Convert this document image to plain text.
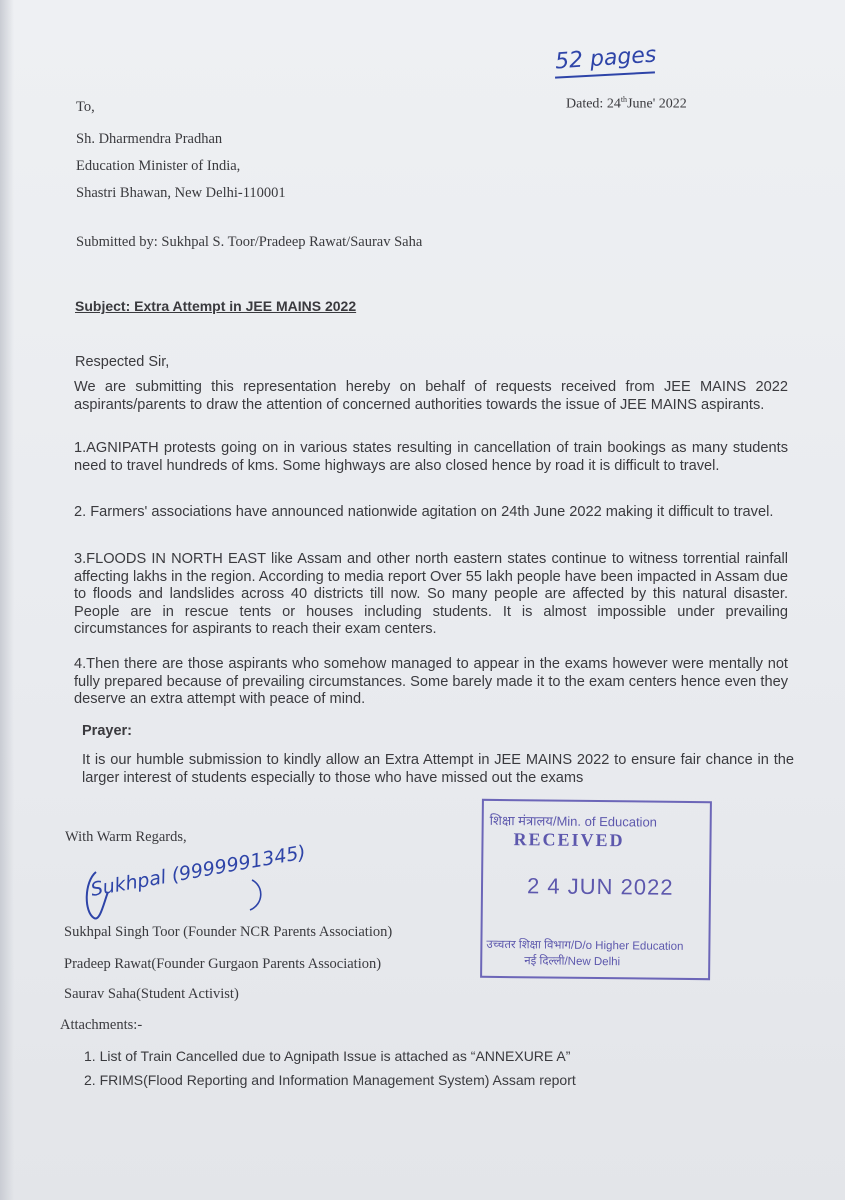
52 pages
Dated: 24thJune' 2022
To,
Sh. Dharmendra Pradhan
Education Minister of India,
Shastri Bhawan, New Delhi-110001
Submitted by: Sukhpal S. Toor/Pradeep Rawat/Saurav Saha
Subject: Extra Attempt in JEE MAINS 2022
Respected Sir,
We are submitting this representation hereby on behalf of requests received from JEE MAINS 2022 aspirants/parents to draw the attention of concerned authorities towards the issue of JEE MAINS aspirants.
1.AGNIPATH protests going on in various states resulting in cancellation of train bookings as many students need to travel hundreds of kms. Some highways are also closed hence by road it is difficult to travel.
2. Farmers' associations have announced nationwide agitation on 24th June 2022 making it difficult to travel.
3.FLOODS IN NORTH EAST like Assam and other north eastern states continue to witness torrential rainfall affecting lakhs in the region. According to media report Over 55 lakh people have been impacted in Assam due to floods and landslides across 40 districts till now. So many people are affected by this natural disaster. People are in rescue tents or houses including students. It is almost impossible under prevailing circumstances for aspirants to reach their exam centers.
4.Then there are those aspirants who somehow managed to appear in the exams however were mentally not fully prepared because of prevailing circumstances. Some barely made it to the exam centers hence even they deserve an extra attempt with peace of mind.
Prayer:
It is our humble submission to kindly allow an Extra Attempt in JEE MAINS 2022 to ensure fair chance in the larger interest of students especially to those who have missed out the exams
With Warm Regards,
Sukhpal (9999991345)
Sukhpal Singh Toor (Founder NCR Parents Association)
Pradeep Rawat(Founder Gurgaon Parents Association)
Saurav Saha(Student Activist)
Attachments:-
1. List of Train Cancelled due to Agnipath Issue is attached as “ANNEXURE A”
2. FRIMS(Flood Reporting and Information Management System) Assam report
शिक्षा मंत्रालय/Min. of Education
RECEIVED
2 4 JUN 2022
उच्चतर शिक्षा विभाग/D/o Higher Education
नई दिल्ली/New Delhi
